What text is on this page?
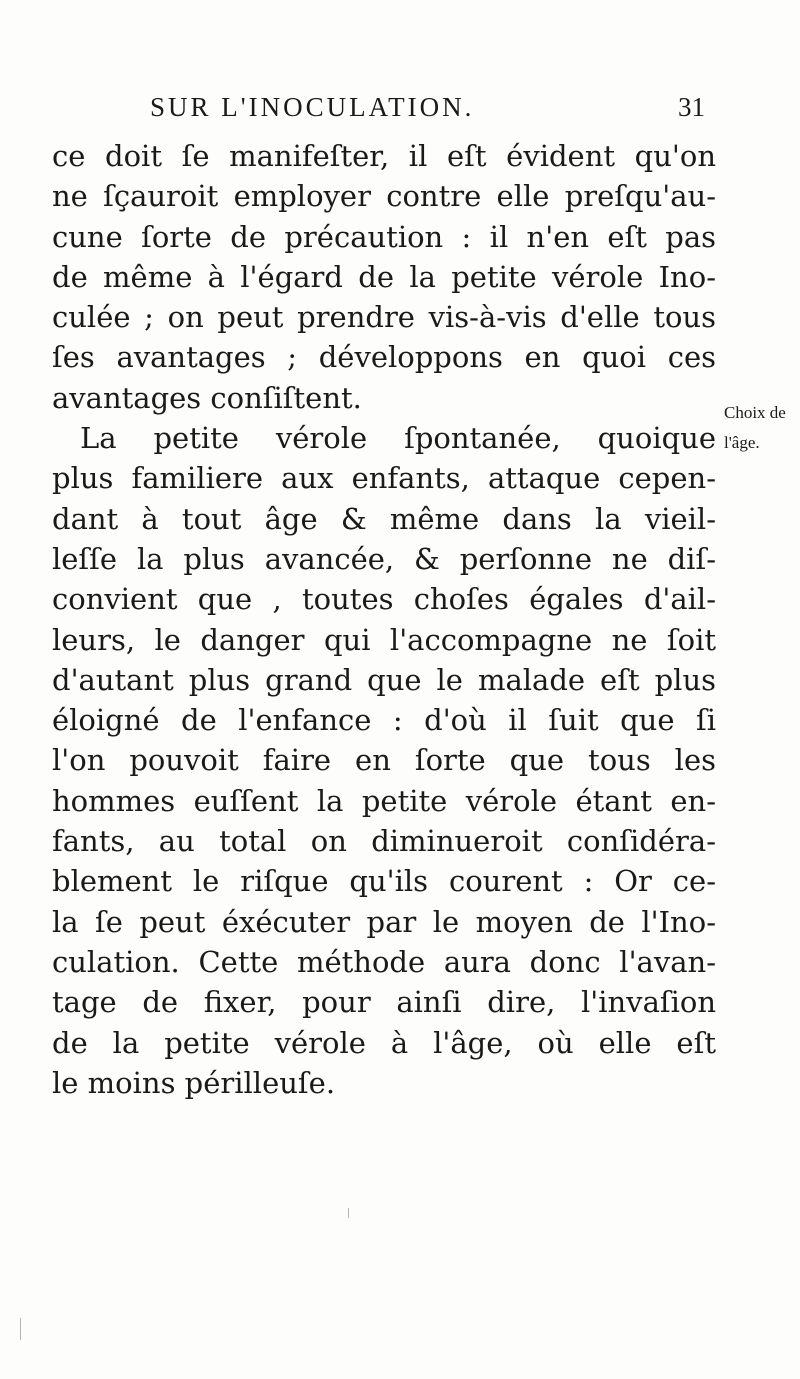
SUR L'INOCULATION.	31
ce doit ſe manifeſter, il eſt évident qu'on
ne ſçauroit employer contre elle preſqu'au-
cune ſorte de précaution : il n'en eſt pas
de même à l'égard de la petite vérole Ino-
culée ; on peut prendre vis-à-vis d'elle tous
ſes avantages ; développons en quoi ces
avantages conſiſtent.
La petite vérole ſpontanée, quoique
plus familiere aux enfants, attaque cepen-
dant à tout âge & même dans la vieil-
leſſe la plus avancée, & perſonne ne diſ-
convient que , toutes choſes égales d'ail-
leurs, le danger qui l'accompagne ne ſoit
d'autant plus grand que le malade eſt plus
éloigné de l'enfance : d'où il ſuit que ſi
l'on pouvoit faire en ſorte que tous les
hommes euſſent la petite vérole étant en-
fants, au total on diminueroit conſidéra-
blement le riſque qu'ils courent : Or ce-
la ſe peut éxécuter par le moyen de l'Ino-
culation. Cette méthode aura donc l'avan-
tage de fixer, pour ainſi dire, l'invaſion
de la petite vérole à l'âge, où elle eſt
le moins périlleuſe.
Choix de
l'âge.
